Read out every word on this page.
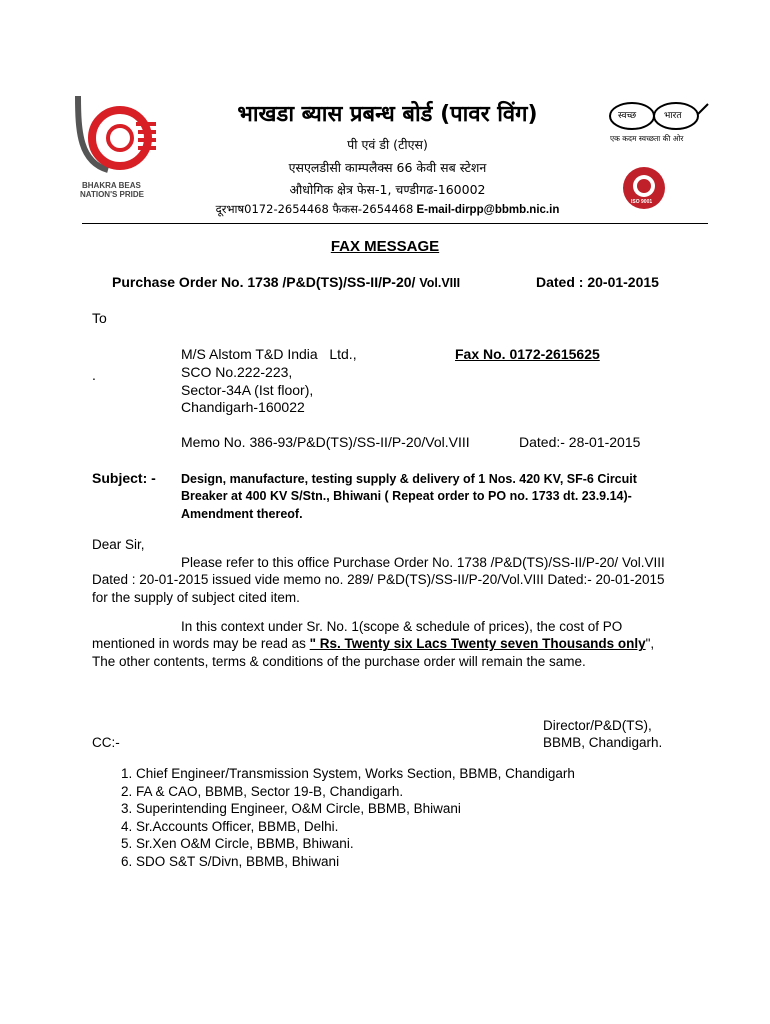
BHAKRA BEAS
NATION'S PRIDE
भाखडा ब्यास प्रबन्ध बोर्ड (पावर विंग)
पी एवं डी (टीएस)
एसएलडीसी काम्पलैक्स 66 केवी सब स्टेशन
औधोगिक क्षेत्र फेस-1, चण्डीगढ-160002
दूरभाष0172-2654468 फैकस-2654468 E-mail-dirpp@bbmb.nic.in
स्वच्छ	भारत
एक कदम स्वच्छता की ओर
ISO 9001
FAX MESSAGE
Purchase Order No. 1738 /P&D(TS)/SS-II/P-20/ Vol.VIII	Dated : 20-01-2015
To
.
M/S Alstom T&D India   Ltd.,
SCO No.222-223,
Sector-34A (Ist floor),
Chandigarh-160022
Fax No. 0172-2615625
Memo No. 386-93/P&D(TS)/SS-II/P-20/Vol.VIII	Dated:- 28-01-2015
Subject: - Design, manufacture, testing supply & delivery of 1 Nos. 420 KV, SF-6 Circuit
Breaker at 400 KV S/Stn., Bhiwani ( Repeat order to PO no. 1733 dt. 23.9.14)-
Amendment thereof.
Dear Sir,
Please refer to this office Purchase Order No. 1738 /P&D(TS)/SS-II/P-20/ Vol.VIII
Dated : 20-01-2015 issued vide memo no. 289/ P&D(TS)/SS-II/P-20/Vol.VIII Dated:- 20-01-2015
for the supply of subject cited item.
In this context under Sr. No. 1(scope & schedule of prices), the cost of PO
mentioned in words may be read as " Rs. Twenty six Lacs Twenty seven Thousands only",
The other contents, terms & conditions of the purchase order will remain the same.
Director/P&D(TS),
BBMB, Chandigarh.
CC:-
1. Chief Engineer/Transmission System, Works Section, BBMB, Chandigarh
2. FA & CAO, BBMB, Sector 19-B, Chandigarh.
3. Superintending Engineer, O&M Circle, BBMB, Bhiwani
4. Sr.Accounts Officer, BBMB, Delhi.
5. Sr.Xen O&M Circle, BBMB, Bhiwani.
6. SDO S&T S/Divn, BBMB, Bhiwani
